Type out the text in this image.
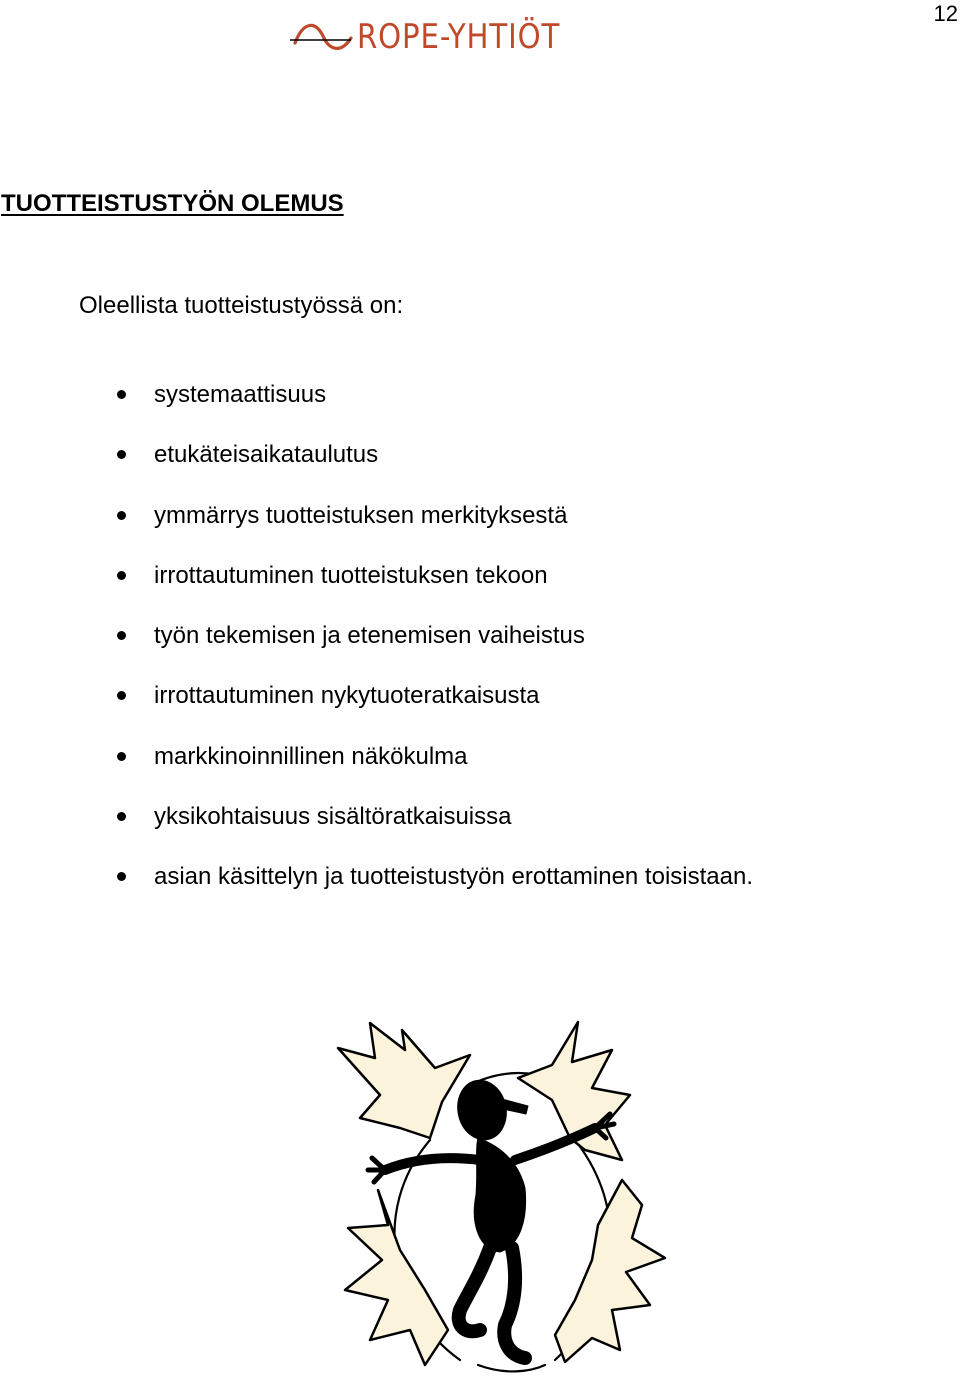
12
ROPE-YHTIÖT
TUOTTEISTUSTYÖN OLEMUS

Oleellista tuotteistustyössä on:

systemaattisuus
etukäteisaikataulutus
ymmärrys tuotteistuksen merkityksestä
irrottautuminen tuotteistuksen tekoon
työn tekemisen ja etenemisen vaiheistus
irrottautuminen nykytuoteratkaisusta
markkinoinnillinen näkökulma
yksikohtaisuus sisältöratkaisuissa
asian käsittelyn ja tuotteistustyön erottaminen toisistaan.
